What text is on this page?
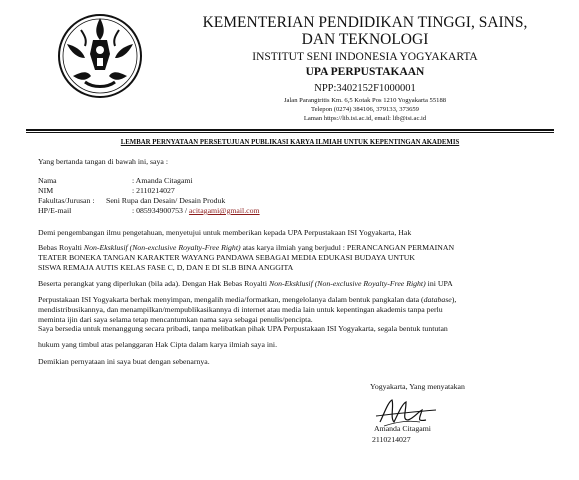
KEMENTERIAN PENDIDIKAN TINGGI, SAINS,
DAN TEKNOLOGI
INSTITUT SENI INDONESIA YOGYAKARTA
UPA PERPUSTAKAAN
NPP:3402152F1000001
Jalan Parangtritis Km. 6,5 Kotak Pos 1210 Yogyakarta 55188
Telepon (0274) 384106, 379133, 373659
Laman https://lib.isi.ac.id, email: lib@isi.ac.id
LEMBAR PERNYATAAN PERSETUJUAN PUBLIKASI KARYA ILMIAH UNTUK KEPENTINGAN AKADEMIS
Yang bertanda tangan di bawah ini, saya :
Nama	: Amanda Citagami
NIM	: 2110214027
Fakultas/Jurusan : Seni Rupa dan Desain/ Desain Produk
HP/E-mail	: 085934900753 / acitagami@gmail.com
Demi pengembangan ilmu pengetahuan, menyetujui untuk memberikan kepada UPA Perpustakaan ISI Yogyakarta, Hak
Bebas Royalti Non-Eksklusif (Non-exclusive Royalty-Free Right) atas karya ilmiah yang berjudul : PERANCANGAN PERMAINAN
TEATER BONEKA TANGAN KARAKTER WAYANG PANDAWA SEBAGAI MEDIA EDUKASI BUDAYA UNTUK
SISWA REMAJA AUTIS KELAS FASE C, D, DAN E DI SLB BINA ANGGITA
Beserta perangkat yang diperlukan (bila ada). Dengan Hak Bebas Royalti Non-Eksklusif (Non-exclusive Royalty-Free Right) ini UPA
Perpustakaan ISI Yogyakarta berhak menyimpan, mengalih media/formatkan, mengelolanya dalam bentuk pangkalan data (database),
mendistribusikannya, dan menampilkan/mempublikasikannya di internet atau media lain untuk kepentingan akademis tanpa perlu
meminta ijin dari saya selama tetap mencantumkan nama saya sebagai penulis/pencipta.
Saya bersedia untuk menanggung secara pribadi, tanpa melibatkan pihak UPA Perpustakaan ISI Yogyakarta, segala bentuk tuntutan
hukum yang timbul atas pelanggaran Hak Cipta dalam karya ilmiah saya ini.
Demikian pernyataan ini saya buat dengan sebenarnya.
Yogyakarta, Yang menyatakan
Amanda Citagami
2110214027
